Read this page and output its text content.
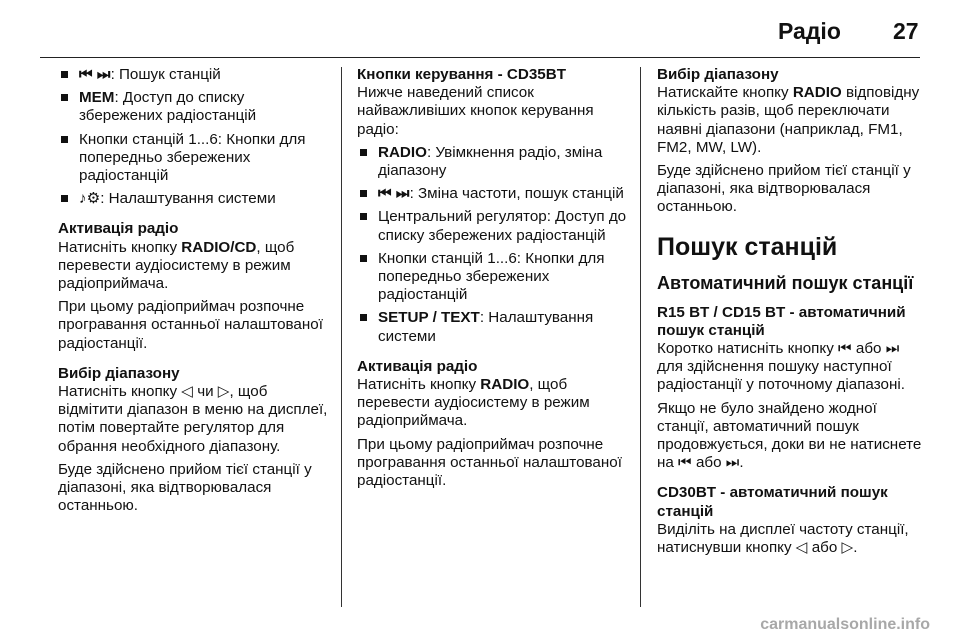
Радіо 27
⏮ ⏭: Пошук станцій
MEM: Доступ до списку збережених радіостанцій
Кнопки станцій 1...6: Кнопки для попередньо збережених радіостанцій
♪⚙: Налаштування системи
Активація радіо
Натисніть кнопку RADIO/CD, щоб перевести аудіосистему в режим радіоприймача.
При цьому радіоприймач розпочне програвання останньої налаштованої радіостанції.
Вибір діапазону
Натисніть кнопку ◁ чи ▷, щоб відмітити діапазон в меню на дисплеї, потім повертайте регулятор для обрання необхідного діапазону.
Буде здійснено прийом тієї станції у діапазоні, яка відтворювалася останньою.
Кнопки керування - CD35BT
Нижче наведений список найважливіших кнопок керування радіо:
RADIO: Увімкнення радіо, зміна діапазону
⏮ ⏭: Зміна частоти, пошук станцій
Центральний регулятор: Доступ до списку збережених радіостанцій
Кнопки станцій 1...6: Кнопки для попередньо збережених радіостанцій
SETUP / TEXT: Налаштування системи
Активація радіо
Натисніть кнопку RADIO, щоб перевести аудіосистему в режим радіоприймача.
При цьому радіоприймач розпочне програвання останньої налаштованої радіостанції.
Вибір діапазону
Натискайте кнопку RADIO відповідну кількість разів, щоб переключати наявні діапазони (наприклад, FM1, FM2, MW, LW).
Буде здійснено прийом тієї станції у діапазоні, яка відтворювалася останньою.
Пошук станцій
Автоматичний пошук станції
R15 BT / CD15 BT - автоматичний пошук станцій
Коротко натисніть кнопку ⏮ або ⏭ для здійснення пошуку наступної радіостанції у поточному діапазоні.
Якщо не було знайдено жодної станції, автоматичний пошук продовжується, доки ви не натиснете на ⏮ або ⏭.
CD30BT - автоматичний пошук станцій
Виділіть на дисплеї частоту станції, натиснувши кнопку ◁ або ▷.
carmanualsonline.info
